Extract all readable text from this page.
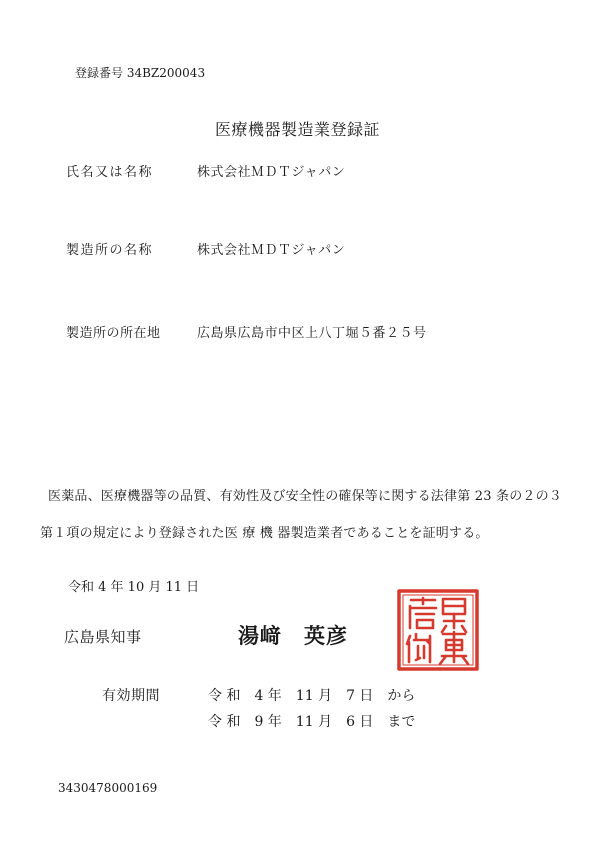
登録番号 34BZ200043
医療機器製造業登録証
氏名又は名称	株式会社ＭＤＴジャパン
製造所の名称	株式会社ＭＤＴジャパン
製造所の所在地	広島県広島市中区上八丁堀５番２５号
医薬品、医療機器等の品質、有効性及び安全性の確保等に関する法律第 23 条の２の３
第１項の規定により登録された医 療 機 器製造業者であることを証明する。
令和 4 年 10 月 11 日
広島県知事	湯﨑　英彦
有効期間	令 和　4 年　11 月　7 日　から
令 和　9 年　11 月　6 日　まで
3430478000169
